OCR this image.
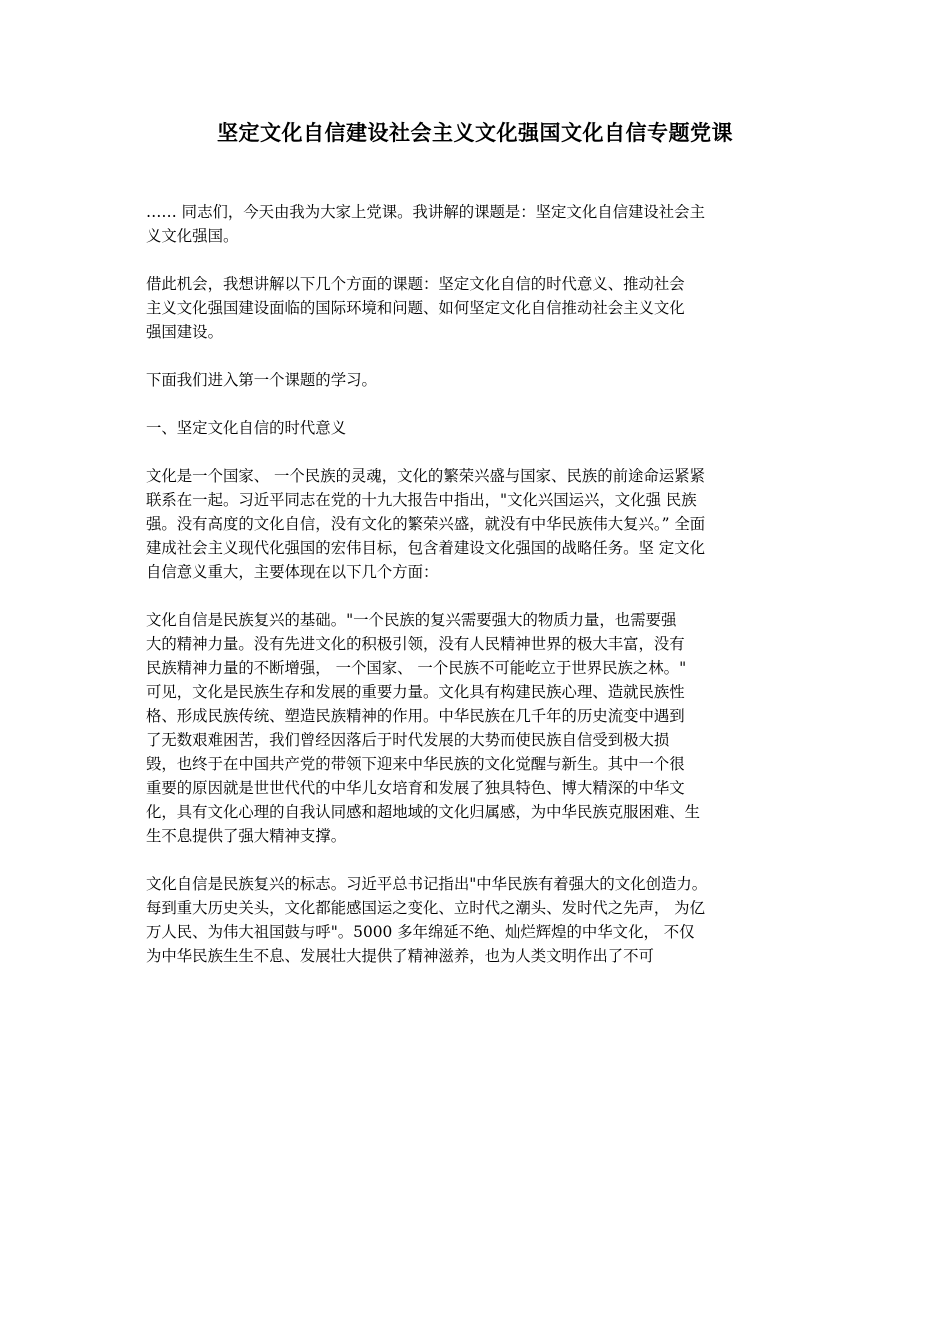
坚定文化自信建设社会主义文化强国文化自信专题党课

…… 同志们，今天由我为大家上党课。我讲解的课题是：坚定文化自信建设社会主
义文化强国。

借此机会，我想讲解以下几个方面的课题：坚定文化自信的时代意义、推动社会
主义文化强国建设面临的国际环境和问题、如何坚定文化自信推动社会主义文化
强国建设。

下面我们进入第一个课题的学习。

一、坚定文化自信的时代意义

文化是一个国家、 一个民族的灵魂，文化的繁荣兴盛与国家、民族的前途命运紧紧
联系在一起。习近平同志在党的十九大报告中指出，"文化兴国运兴，文化强 民族
强。没有高度的文化自信，没有文化的繁荣兴盛，就没有中华民族伟大复兴。” 全面
建成社会主义现代化强国的宏伟目标，包含着建设文化强国的战略任务。坚 定文化
自信意义重大，主要体现在以下几个方面：

文化自信是民族复兴的基础。"一个民族的复兴需要强大的物质力量，也需要强
大的精神力量。没有先进文化的积极引领，没有人民精神世界的极大丰富，没有
民族精神力量的不断增强， 一个国家、 一个民族不可能屹立于世界民族之林。"
可见，文化是民族生存和发展的重要力量。文化具有构建民族心理、造就民族性
格、形成民族传统、塑造民族精神的作用。中华民族在几千年的历史流变中遇到
了无数艰难困苦，我们曾经因落后于时代发展的大势而使民族自信受到极大损
毁，也终于在中国共产党的带领下迎来中华民族的文化觉醒与新生。其中一个很
重要的原因就是世世代代的中华儿女培育和发展了独具特色、博大精深的中华文
化，具有文化心理的自我认同感和超地域的文化归属感，为中华民族克服困难、生
生不息提供了强大精神支撑。

文化自信是民族复兴的标志。习近平总书记指出"中华民族有着强大的文化创造力。
每到重大历史关头，文化都能感国运之变化、立时代之潮头、发时代之先声， 为亿
万人民、为伟大祖国鼓与呼"。5000 多年绵延不绝、灿烂辉煌的中华文化， 不仅
为中华民族生生不息、发展壮大提供了精神滋养，也为人类文明作出了不可
